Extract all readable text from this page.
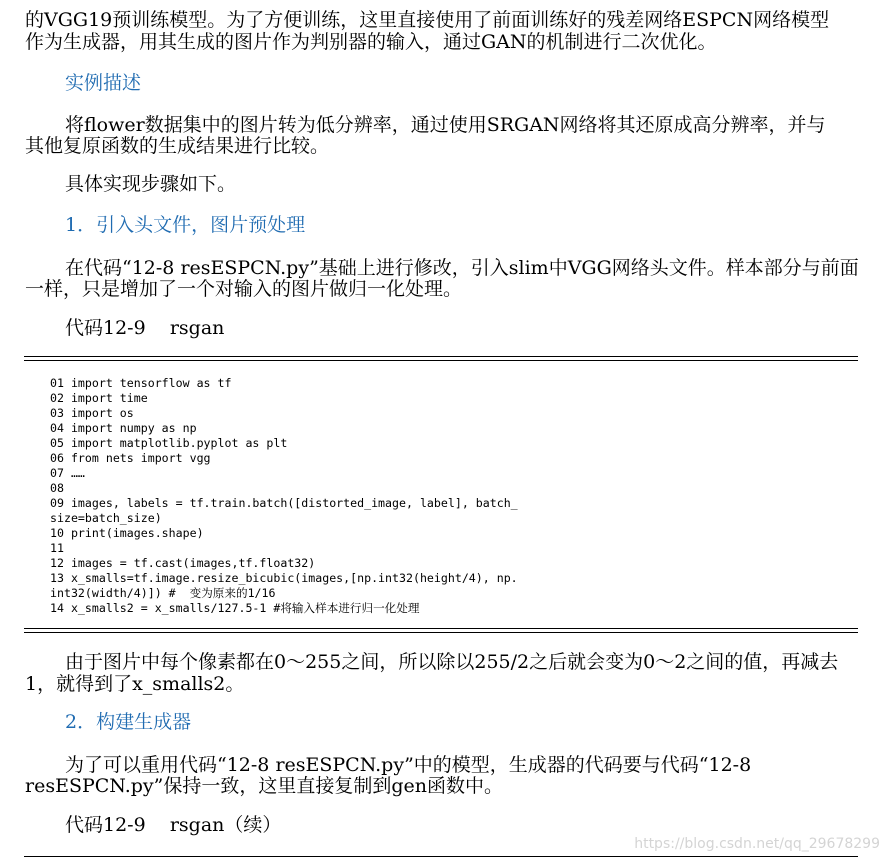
的VGG19预训练模型。为了方便训练，这里直接使用了前面训练好的残差网络ESPCN网络模型

作为生成器，用其生成的图片作为判别器的输入，通过GAN的机制进行二次优化。

实例描述

将flower数据集中的图片转为低分辨率，通过使用SRGAN网络将其还原成高分辨率，并与

其他复原函数的生成结果进行比较。

具体实现步骤如下。

1．引入头文件，图片预处理

在代码“12-8 resESPCN.py”基础上进行修改，引入slim中VGG网络头文件。样本部分与前面

一样，只是增加了一个对输入的图片做归一化处理。

代码12-9    rsgan

01 import tensorflow as tf
02 import time
03 import os
04 import numpy as np
05 import matplotlib.pyplot as plt
06 from nets import vgg
07 ……
08
09 images, labels = tf.train.batch([distorted_image, label], batch_
size=batch_size)
10 print(images.shape)
11
12 images = tf.cast(images,tf.float32)
13 x_smalls=tf.image.resize_bicubic(images,[np.int32(height/4), np.
int32(width/4)]) #  变为原来的1/16
14 x_smalls2 = x_smalls/127.5-1 #将输入样本进行归一化处理

由于图片中每个像素都在0～255之间，所以除以255/2之后就会变为0～2之间的值，再减去

1，就得到了x_smalls2。

2．构建生成器

为了可以重用代码“12-8 resESPCN.py”中的模型，生成器的代码要与代码“12-8

resESPCN.py”保持一致，这里直接复制到gen函数中。

代码12-9    rsgan（续）

https://blog.csdn.net/qq_29678299
